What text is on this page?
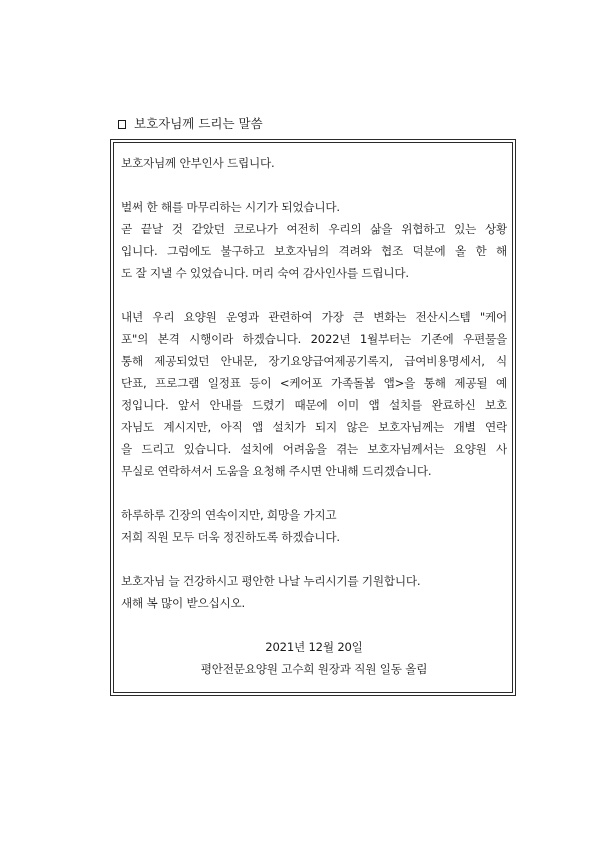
보호자님께 드리는 말씀
보호자님께 안부인사 드립니다.
벌써 한 해를 마무리하는 시기가 되었습니다.
곧 끝날 것 같았던 코로나가 여전히 우리의 삶을 위협하고 있는 상황
입니다. 그럼에도 불구하고 보호자님의 격려와 협조 덕분에 올 한 해
도 잘 지낼 수 있었습니다. 머리 숙여 감사인사를 드립니다.
내년 우리 요양원 운영과 관련하여 가장 큰 변화는 전산시스템 "케어
포"의 본격 시행이라 하겠습니다. 2022년 1월부터는 기존에 우편물을
통해 제공되었던 안내문, 장기요양급여제공기록지, 급여비용명세서, 식
단표, 프로그램 일정표 등이 <케어포 가족돌봄 앱>을 통해 제공될 예
정입니다. 앞서 안내를 드렸기 때문에 이미 앱 설치를 완료하신 보호
자님도 계시지만, 아직 앱 설치가 되지 않은 보호자님께는 개별 연락
을 드리고 있습니다. 설치에 어려움을 겪는 보호자님께서는 요양원 사
무실로 연락하셔서 도움을 요청해 주시면 안내해 드리겠습니다.
하루하루 긴장의 연속이지만, 희망을 가지고
저희 직원 모두 더욱 정진하도록 하겠습니다.
보호자님 늘 건강하시고 평안한 나날 누리시기를 기원합니다.
새해 복 많이 받으십시오.
2021년 12월 20일
평안전문요양원 고수희 원장과 직원 일동 올림
